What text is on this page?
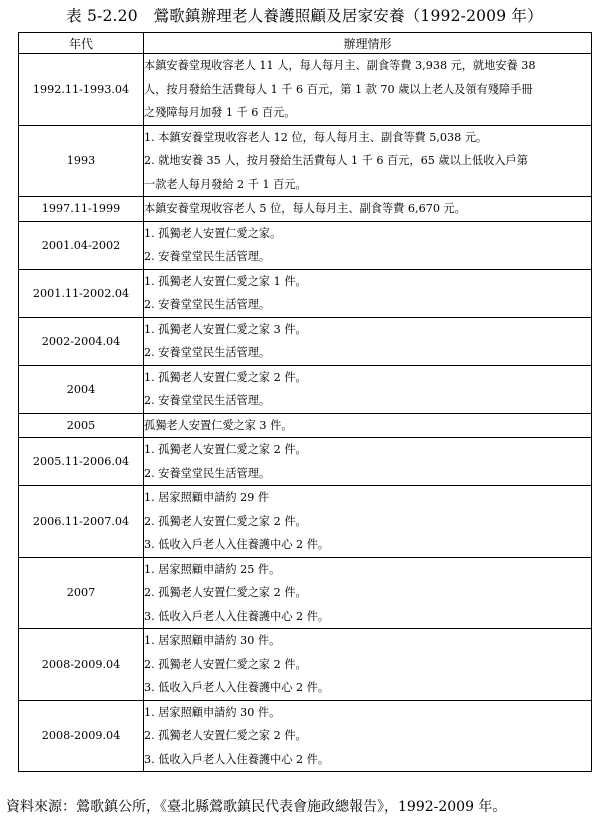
表 5-2.20　鶯歌鎮辦理老人養護照顧及居家安養（1992-2009 年）
年代	辦理情形
1992.11-1993.04	本鎮安養堂現收容老人 11 人，每人每月主、副食等費 3,938 元，就地安養 38
人，按月發給生活費每人 1 千 6 百元，第 1 款 70 歲以上老人及領有殘障手冊
之殘障每月加發 1 千 6 百元。

1993	1. 本鎮安養堂現收容老人 12 位，每人每月主、副食等費 5,038 元。
2. 就地安養 35 人，按月發給生活費每人 1 千 6 百元，65 歲以上低收入戶第
一款老人每月發給 2 千 1 百元。

1997.11-1999	本鎮安養堂現收容老人 5 位，每人每月主、副食等費 6,670 元。

2001.04-2002	1. 孤獨老人安置仁愛之家。
2. 安養堂堂民生活管理。

2001.11-2002.04	1. 孤獨老人安置仁愛之家 1 件。
2. 安養堂堂民生活管理。

2002-2004.04	1. 孤獨老人安置仁愛之家 3 件。
2. 安養堂堂民生活管理。

2004	1. 孤獨老人安置仁愛之家 2 件。
2. 安養堂堂民生活管理。

2005	孤獨老人安置仁愛之家 3 件。

2005.11-2006.04	1. 孤獨老人安置仁愛之家 2 件。
2. 安養堂堂民生活管理。

2006.11-2007.04	1. 居家照顧申請約 29 件
2. 孤獨老人安置仁愛之家 2 件。
3. 低收入戶老人入住養護中心 2 件。

2007	1. 居家照顧申請約 25 件。
2. 孤獨老人安置仁愛之家 2 件。
3. 低收入戶老人入住養護中心 2 件。

2008-2009.04	1. 居家照顧申請約 30 件。
2. 孤獨老人安置仁愛之家 2 件。
3. 低收入戶老人入住養護中心 2 件。

2008-2009.04	1. 居家照顧申請約 30 件。
2. 孤獨老人安置仁愛之家 2 件。
3. 低收入戶老人入住養護中心 2 件。
資料來源：鶯歌鎮公所，《臺北縣鶯歌鎮民代表會施政總報告》，1992-2009 年。
